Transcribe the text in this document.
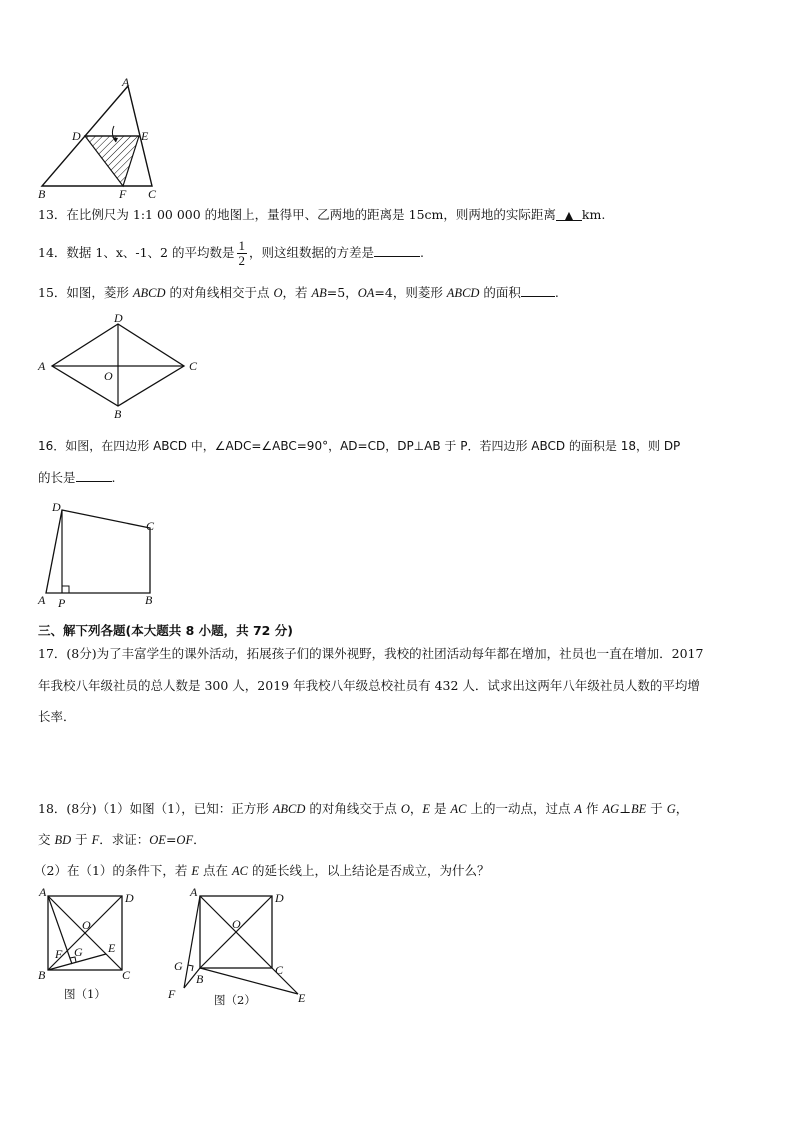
A
D	E
B	F C
13．在比例尺为 1:1 00 000 的地图上，量得甲、乙两地的距离是 15cm，则两地的实际距离 ▲ km.
14．数据 1、x、-1、2 的平均数是 $\frac{1}{2}$ ，则这组数据的方差是	.
15．如图，菱形 ABCD 的对角线相交于点 O，若 AB=5，OA=4，则菱形 ABCD 的面积	.
D
A	C
O
B
16．如图，在四边形 ABCD 中，∠ADC=∠ABC=90°，AD=CD，DP⊥AB 于 P．若四边形 ABCD 的面积是 18，则 DP
的长是	.
D
C
A P	B
三、解下列各题(本大题共 8 小题，共 72 分)
17．(8分)为了丰富学生的课外活动，拓展孩子们的课外视野，我校的社团活动每年都在增加，社员也一直在增加．2017
年我校八年级社员的总人数是 300 人，2019 年我校八年级总校社员有 432 人．试求出这两年八年级社员人数的平均增
长率．
18．(8分)（1）如图（1），已知：正方形 ABCD 的对角线交于点 O，E 是 AC 上的一动点，过点 A 作 AG⊥BE 于 G，
交 BD 于 F．求证：OE=OF．
（2）在（1）的条件下，若 E 点在 AC 的延长线上，以上结论是否成立，为什么？
A	D
O
F G E
B	C
图（1）
A	D
O
G	C
B
F	E
图（2）
